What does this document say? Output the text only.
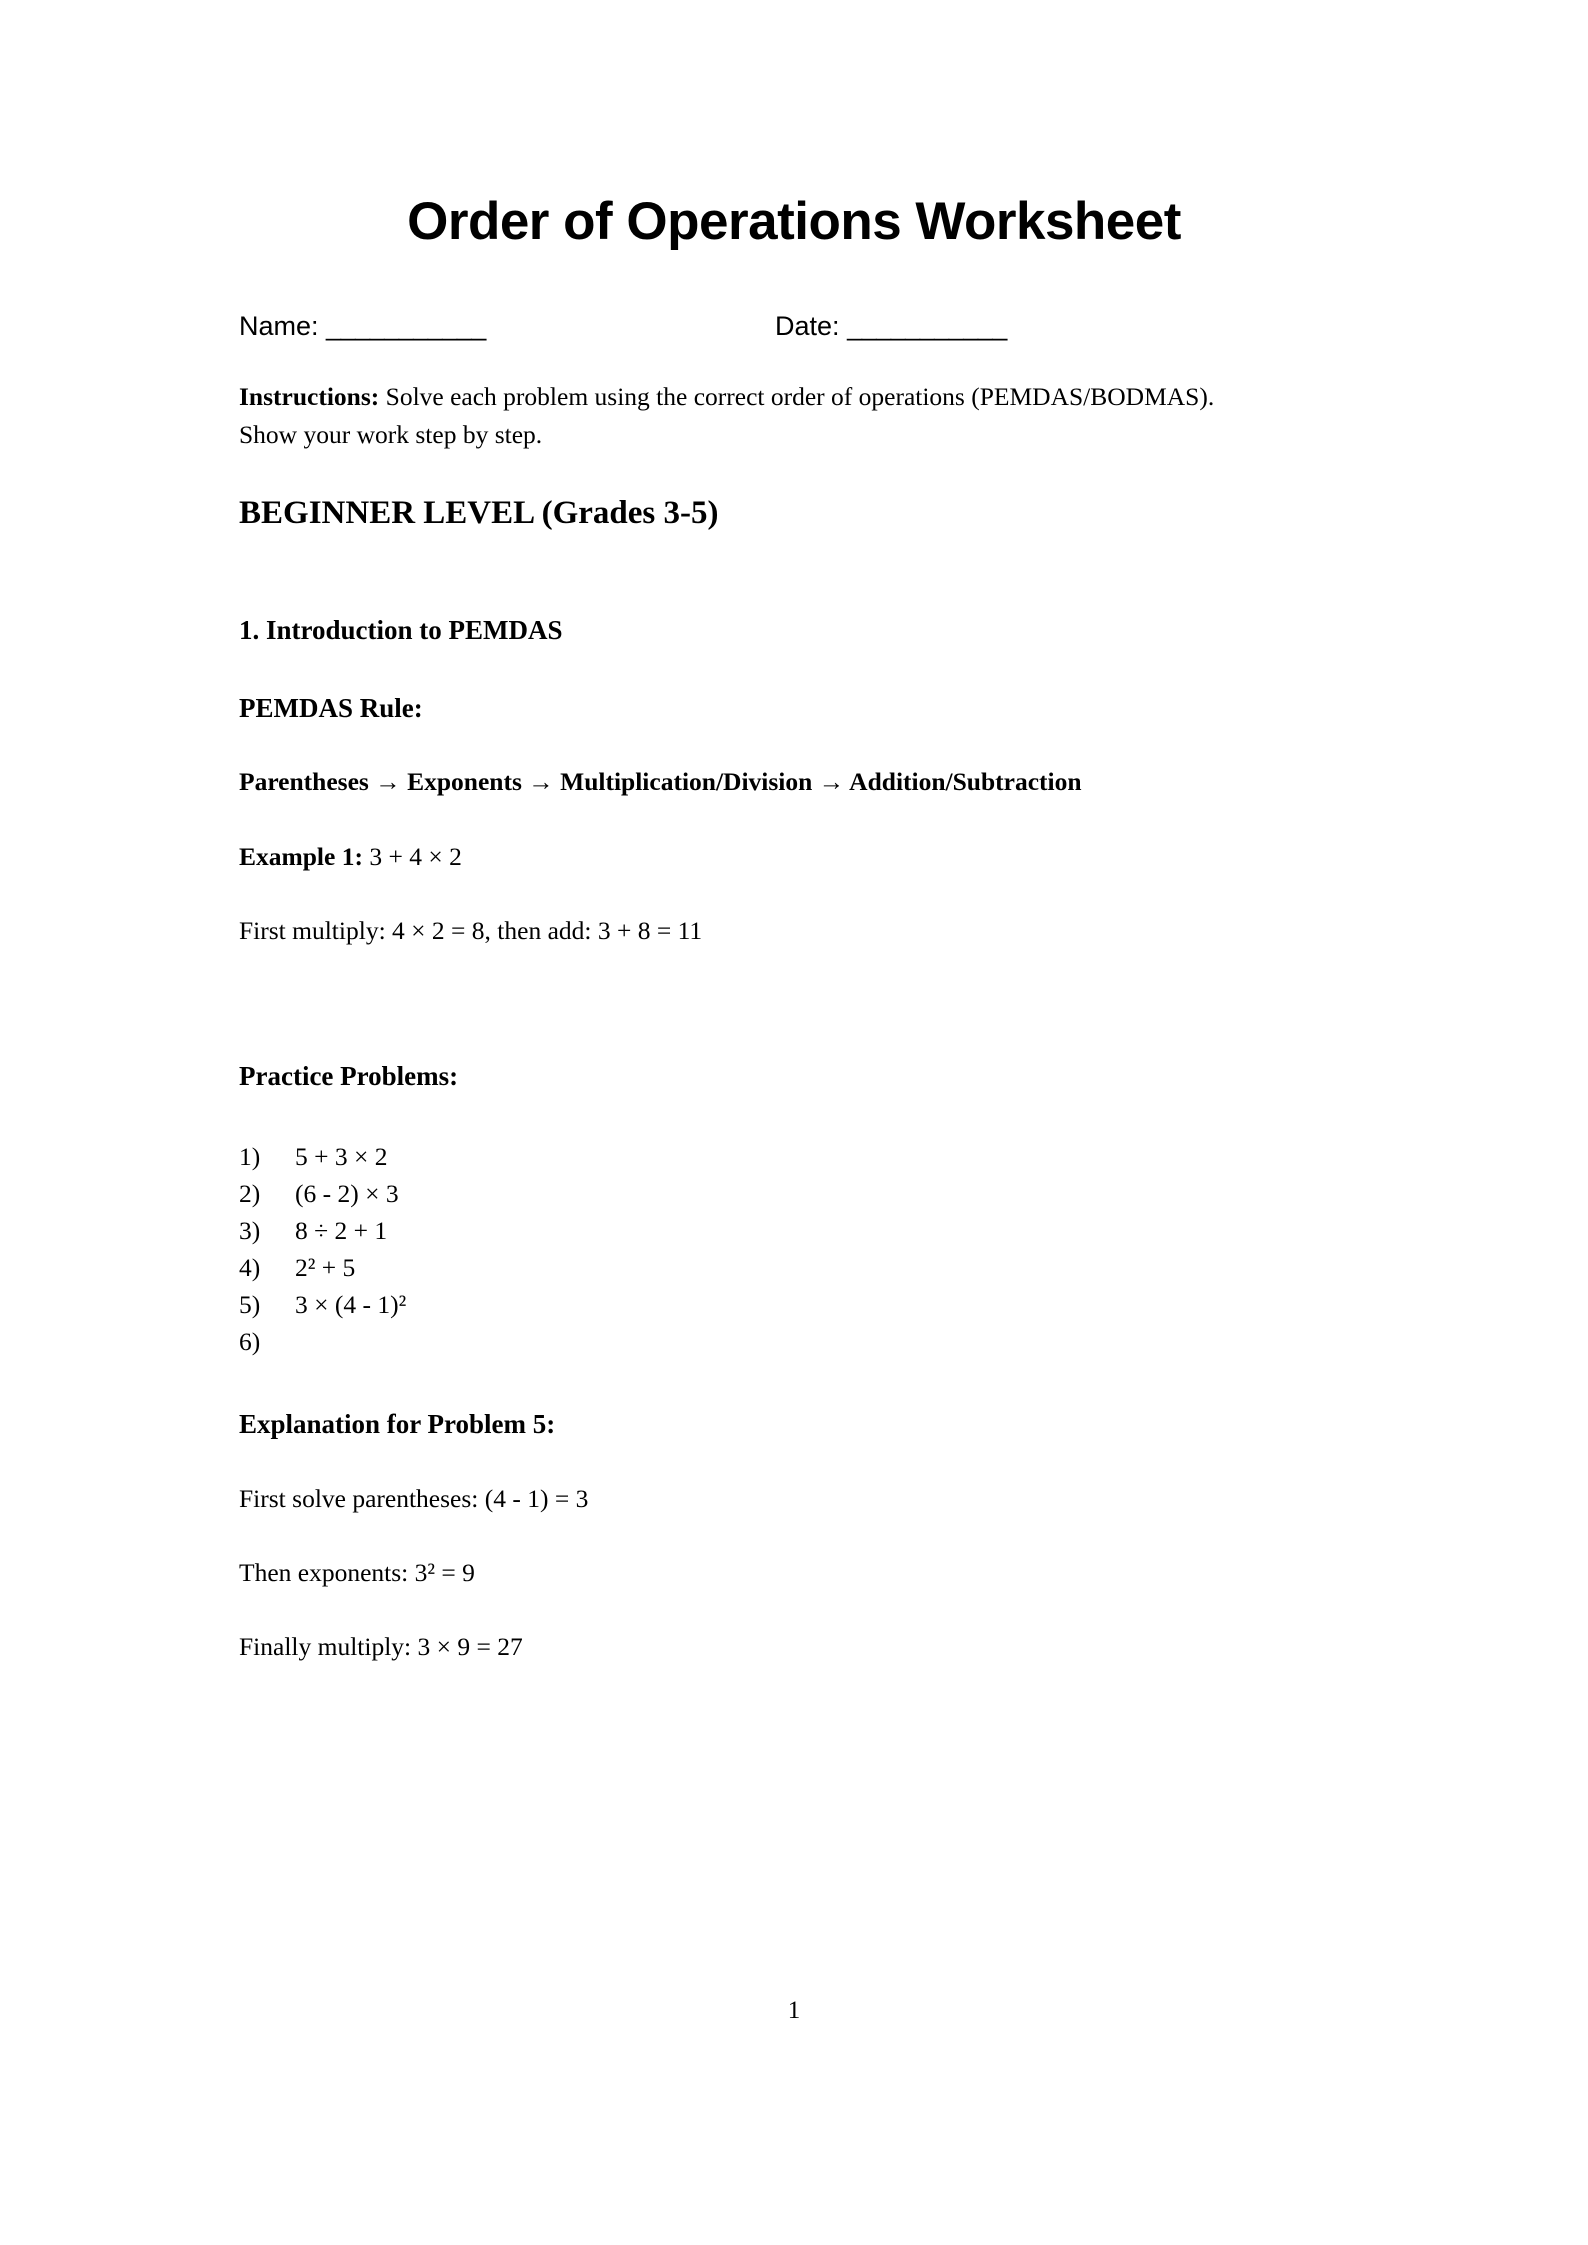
Order of Operations Worksheet
Name: ___________	Date: ___________
Instructions: Solve each problem using the correct order of operations (PEMDAS/BODMAS). Show your work step by step.
BEGINNER LEVEL (Grades 3-5)
1. Introduction to PEMDAS
PEMDAS Rule:
Parentheses → Exponents → Multiplication/Division → Addition/Subtraction
Example 1: 3 + 4 × 2
First multiply: 4 × 2 = 8, then add: 3 + 8 = 11
Practice Problems:
1)	5 + 3 × 2
2)	(6 - 2) × 3
3)	8 ÷ 2 + 1
4)	2² + 5
5)	3 × (4 - 1)²
6)
Explanation for Problem 5:
First solve parentheses: (4 - 1) = 3
Then exponents: 3² = 9
Finally multiply: 3 × 9 = 27
1
